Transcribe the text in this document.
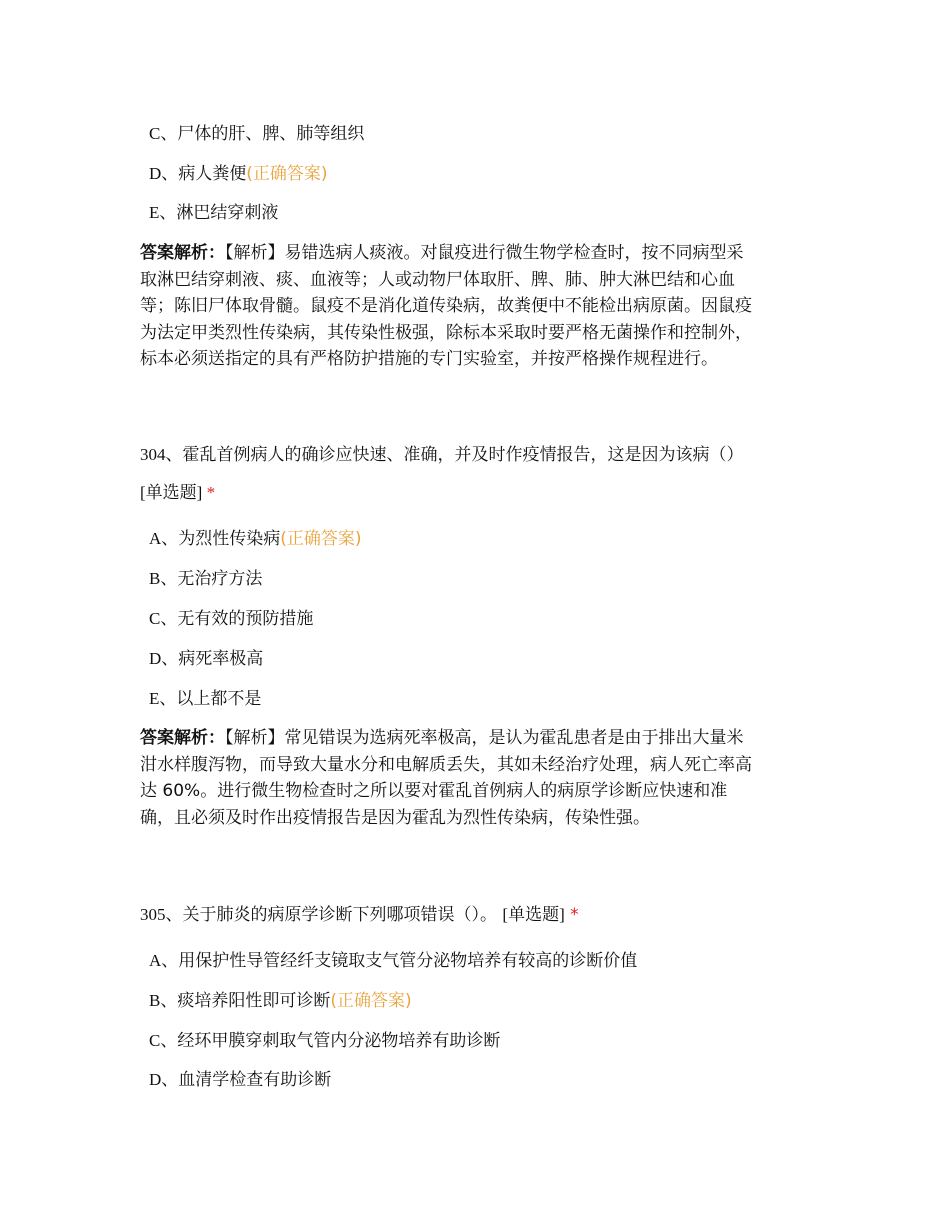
C、尸体的肝、脾、肺等组织
D、病人粪便(正确答案)
E、淋巴结穿刺液
答案解析：【解析】易错选病人痰液。对鼠疫进行微生物学检查时，按不同病型采
取淋巴结穿刺液、痰、血液等；人或动物尸体取肝、脾、肺、肿大淋巴结和心血
等；陈旧尸体取骨髓。鼠疫不是消化道传染病，故粪便中不能检出病原菌。因鼠疫
为法定甲类烈性传染病，其传染性极强，除标本采取时要严格无菌操作和控制外，
标本必须送指定的具有严格防护措施的专门实验室，并按严格操作规程进行。
304、霍乱首例病人的确诊应快速、准确，并及时作疫情报告，这是因为该病（）
[单选题] *
A、为烈性传染病(正确答案)
B、无治疗方法
C、无有效的预防措施
D、病死率极高
E、以上都不是
答案解析：【解析】常见错误为选病死率极高，是认为霍乱患者是由于排出大量米
泔水样腹泻物，而导致大量水分和电解质丢失，其如未经治疗处理，病人死亡率高
达 60%。进行微生物检查时之所以要对霍乱首例病人的病原学诊断应快速和准
确，且必须及时作出疫情报告是因为霍乱为烈性传染病，传染性强。
305、关于肺炎的病原学诊断下列哪项错误（）。 [单选题] *
A、用保护性导管经纤支镜取支气管分泌物培养有较高的诊断价值
B、痰培养阳性即可诊断(正确答案)
C、经环甲膜穿刺取气管内分泌物培养有助诊断
D、血清学检查有助诊断
